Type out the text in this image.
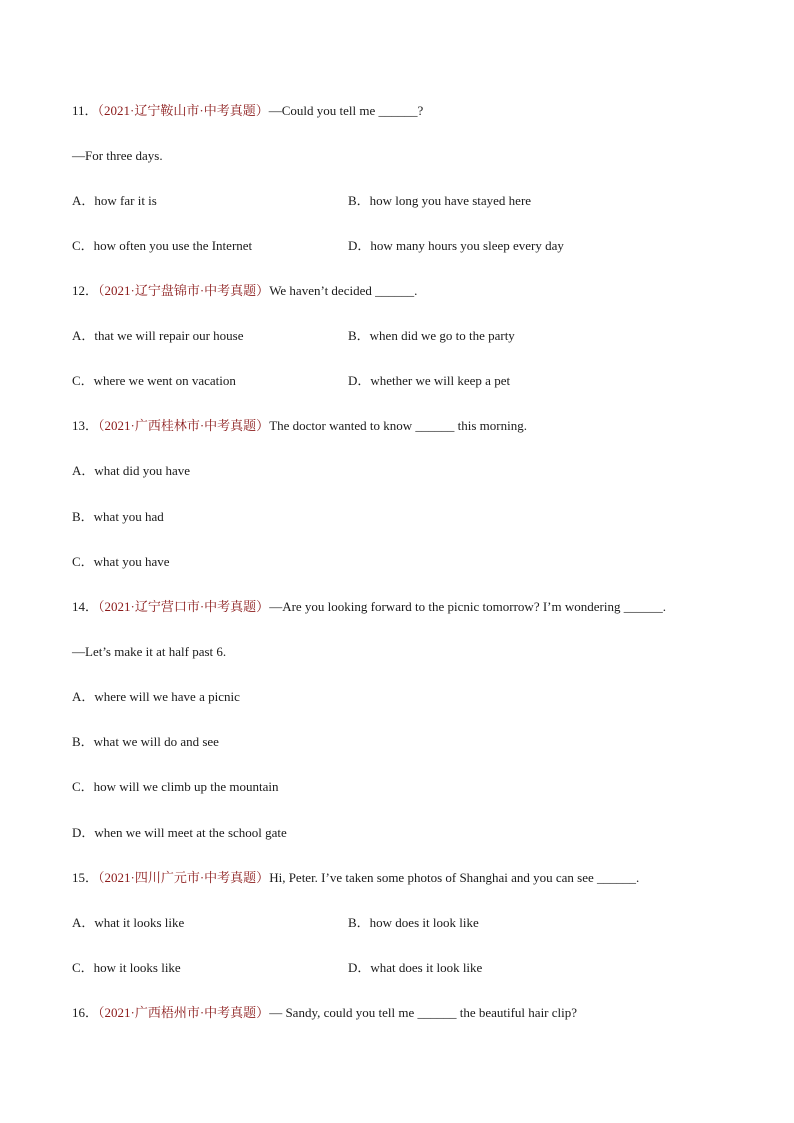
11．（2021·辽宁鞍山市·中考真题）—Could you tell me ______?
—For three days.
A．how far it is	B．how long you have stayed here
C．how often you use the Internet	D．how many hours you sleep every day
12．（2021·辽宁盘锦市·中考真题）We haven’t decided ______.
A．that we will repair our house	B．when did we go to the party
C．where we went on vacation	D．whether we will keep a pet
13．（2021·广西桂林市·中考真题）The doctor wanted to know ______ this morning.
A．what did you have
B．what you had
C．what you have
14．（2021·辽宁营口市·中考真题）—Are you looking forward to the picnic tomorrow? I’m wondering ______.
—Let’s make it at half past 6.
A．where will we have a picnic
B．what we will do and see
C．how will we climb up the mountain
D．when we will meet at the school gate
15．（2021·四川广元市·中考真题）Hi, Peter. I’ve taken some photos of Shanghai and you can see ______.
A．what it looks like	B．how does it look like
C．how it looks like	D．what does it look like
16．（2021·广西梧州市·中考真题）— Sandy, could you tell me ______ the beautiful hair clip?
